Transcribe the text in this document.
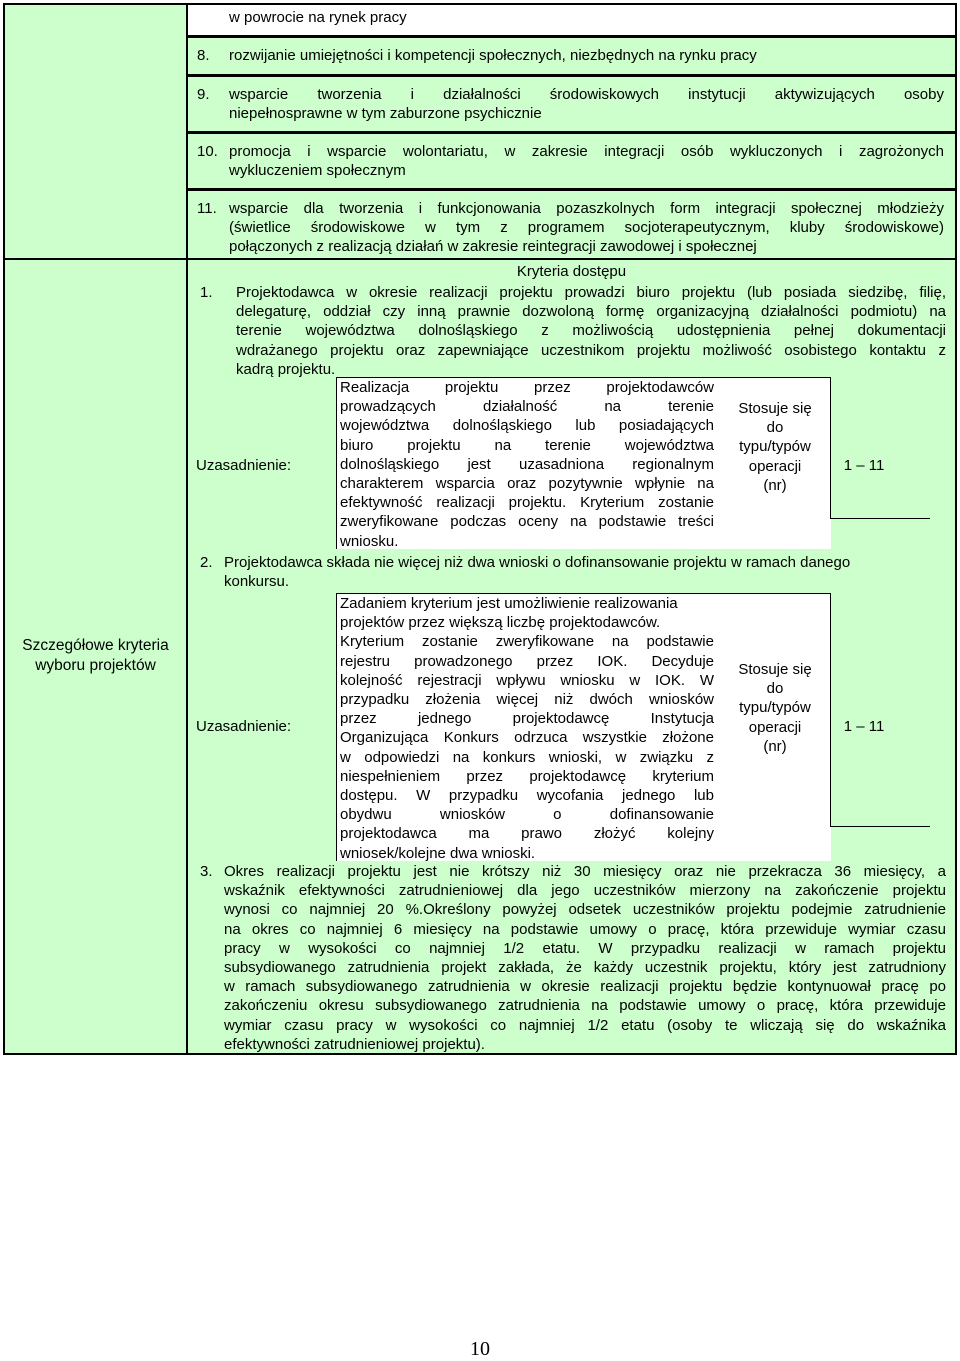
w powrocie na rynek pracy
8. rozwijanie umiejętności i kompetencji społecznych, niezbędnych na rynku pracy
9. wsparcie tworzenia i działalności środowiskowych instytucji aktywizujących osoby
niepełnosprawne w tym zaburzone psychicznie
10. promocja i wsparcie wolontariatu, w zakresie integracji osób wykluczonych i zagrożonych
wykluczeniem społecznym
11. wsparcie dla tworzenia i funkcjonowania pozaszkolnych form integracji społecznej młodzieży
(świetlice środowiskowe w tym z programem socjoterapeutycznym, kluby środowiskowe)
połączonych z realizacją działań w zakresie reintegracji zawodowej i społecznej
Szczegółowe kryteria
wyboru projektów
Kryteria dostępu
1. Projektodawca w okresie realizacji projektu prowadzi biuro projektu (lub posiada siedzibę, filię,
delegaturę, oddział czy inną prawnie dozwoloną formę organizacyjną działalności podmiotu) na
terenie województwa dolnośląskiego z możliwością udostępnienia pełnej dokumentacji
wdrażanego projektu oraz zapewniające uczestnikom projektu możliwość osobistego kontaktu z
kadrą projektu.
Uzasadnienie:
Realizacja projektu przez projektodawców
prowadzących działalność na terenie
województwa dolnośląskiego lub posiadających
biuro projektu na terenie województwa
dolnośląskiego jest uzasadniona regionalnym
charakterem wsparcia oraz pozytywnie wpłynie na
efektywność realizacji projektu. Kryterium zostanie
zweryfikowane podczas oceny na podstawie treści
wniosku.
Stosuje się
do
typu/typów
operacji
(nr)
1 – 11
2. Projektodawca składa nie więcej niż dwa wnioski o dofinansowanie projektu w ramach danego
konkursu.
Uzasadnienie:
Zadaniem kryterium jest umożliwienie realizowania
projektów przez większą liczbę projektodawców.
Kryterium zostanie zweryfikowane na podstawie
rejestru prowadzonego przez IOK. Decyduje
kolejność rejestracji wpływu wniosku w IOK. W
przypadku złożenia więcej niż dwóch wniosków
przez jednego projektodawcę Instytucja
Organizująca Konkurs odrzuca wszystkie złożone
w odpowiedzi na konkurs wnioski, w związku z
niespełnieniem przez projektodawcę kryterium
dostępu. W przypadku wycofania jednego lub
obydwu wniosków o dofinansowanie
projektodawca ma prawo złożyć kolejny
wniosek/kolejne dwa wnioski.
Stosuje się
do
typu/typów
operacji
(nr)
1 – 11
3. Okres realizacji projektu jest nie krótszy niż 30 miesięcy oraz nie przekracza 36 miesięcy, a
wskaźnik efektywności zatrudnieniowej dla jego uczestników mierzony na zakończenie projektu
wynosi co najmniej 20 %.Określony powyżej odsetek uczestników projektu podejmie zatrudnienie
na okres co najmniej 6 miesięcy na podstawie umowy o pracę, która przewiduje wymiar czasu
pracy w wysokości co najmniej 1/2 etatu. W przypadku realizacji w ramach projektu
subsydiowanego zatrudnienia projekt zakłada, że każdy uczestnik projektu, który jest zatrudniony
w ramach subsydiowanego zatrudnienia w okresie realizacji projektu będzie kontynuował pracę po
zakończeniu okresu subsydiowanego zatrudnienia na podstawie umowy o pracę, która przewiduje
wymiar czasu pracy w wysokości co najmniej 1/2 etatu (osoby te wliczają się do wskaźnika
efektywności zatrudnieniowej projektu).
10
